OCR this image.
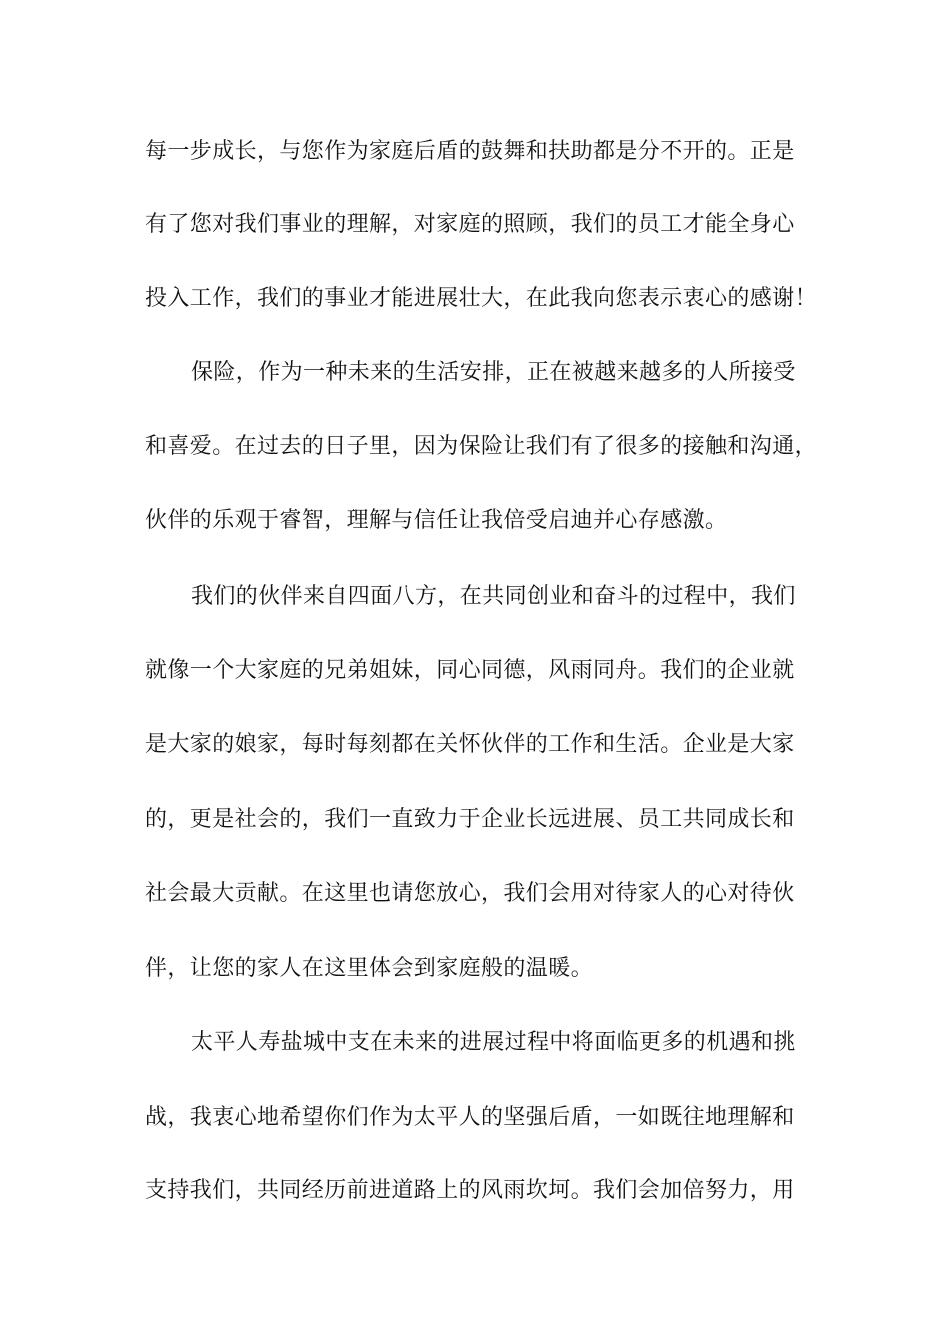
每一步成长，与您作为家庭后盾的鼓舞和扶助都是分不开的。正是
有了您对我们事业的理解，对家庭的照顾，我们的员工才能全身心
投入工作，我们的事业才能进展壮大，在此我向您表示衷心的感谢！
保险，作为一种未来的生活安排，正在被越来越多的人所接受
和喜爱。在过去的日子里，因为保险让我们有了很多的接触和沟通，
伙伴的乐观于睿智，理解与信任让我倍受启迪并心存感激。
我们的伙伴来自四面八方，在共同创业和奋斗的过程中，我们
就像一个大家庭的兄弟姐妹，同心同德，风雨同舟。我们的企业就
是大家的娘家，每时每刻都在关怀伙伴的工作和生活。企业是大家
的，更是社会的，我们一直致力于企业长远进展、员工共同成长和
社会最大贡献。在这里也请您放心，我们会用对待家人的心对待伙
伴，让您的家人在这里体会到家庭般的温暖。
太平人寿盐城中支在未来的进展过程中将面临更多的机遇和挑
战，我衷心地希望你们作为太平人的坚强后盾，一如既往地理解和
支持我们，共同经历前进道路上的风雨坎坷。我们会加倍努力，用
